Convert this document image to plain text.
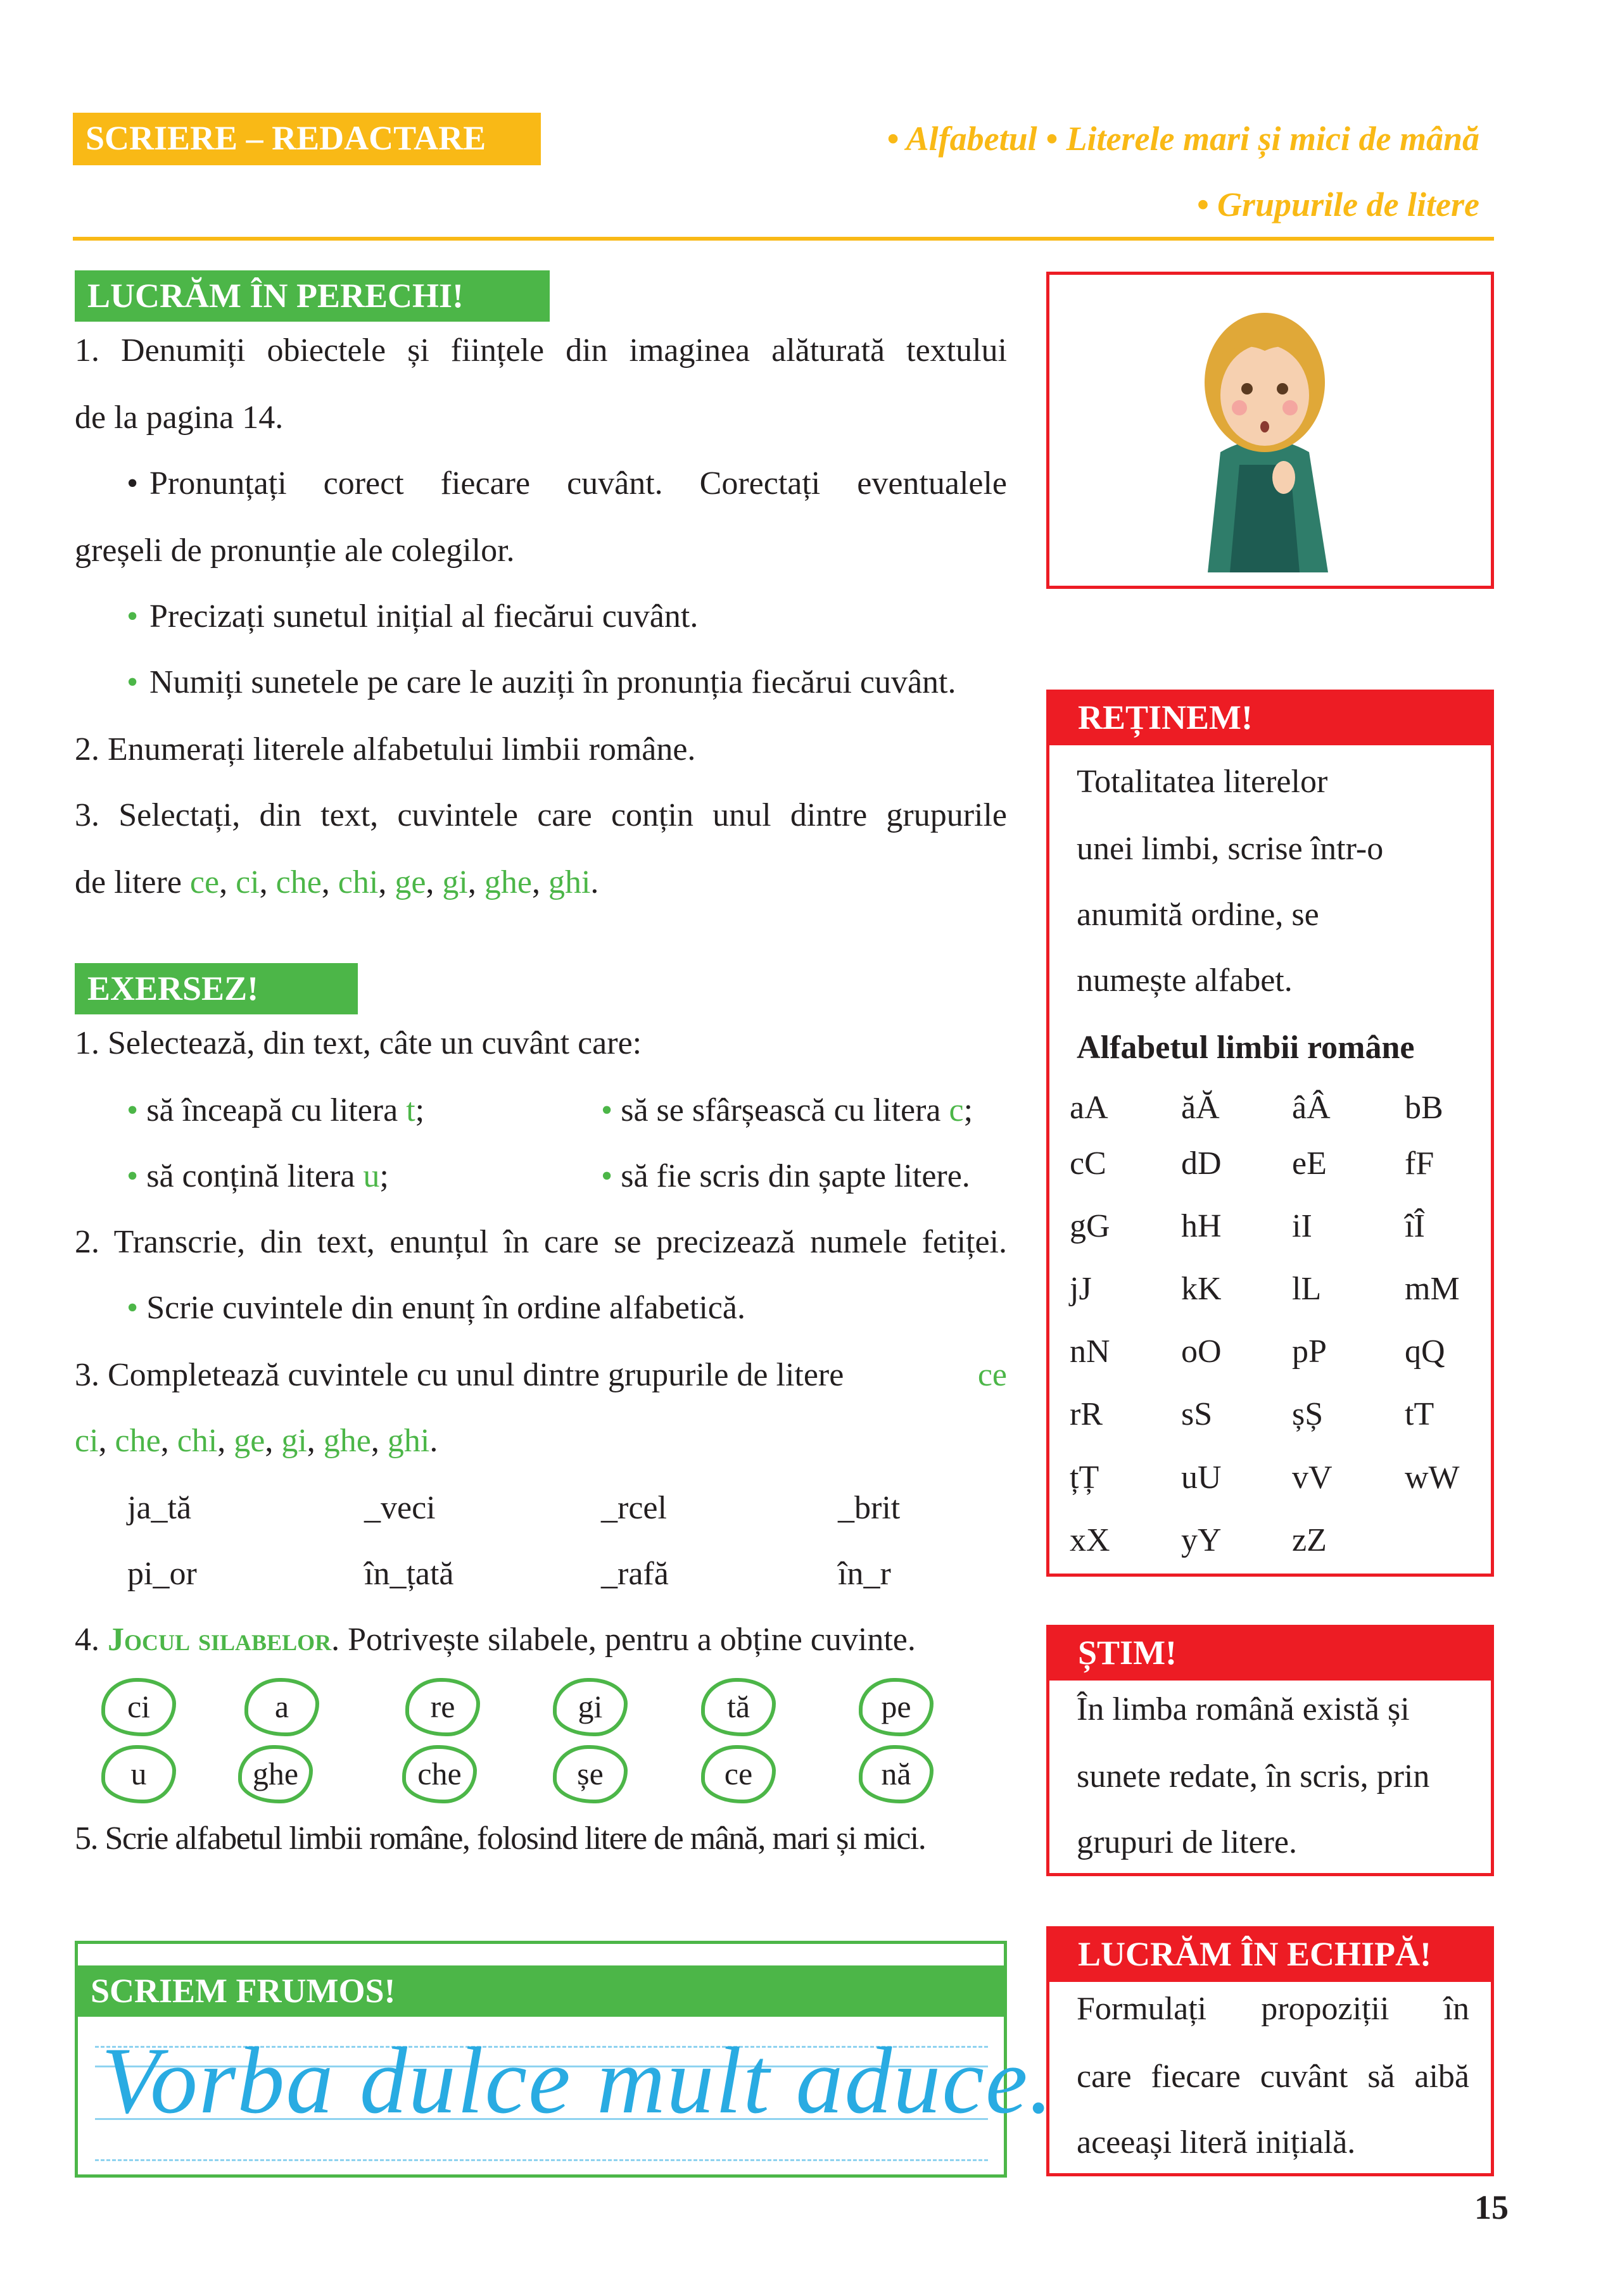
SCRIERE – REDACTARE	• Alfabetul • Literele mari și mici de mână
• Grupurile de litere
LUCRĂM ÎN PERECHI!
1. Denumiți obiectele și ființele din imaginea alăturată textului
de la pagina 14.
• Pronunțați corect fiecare cuvânt. Corectați eventualele
greșeli de pronunție ale colegilor.
Precizați sunetul inițial al fiecărui cuvânt.
•
Numiți sunetele pe care le auziți în pronunția fiecărui cuvânt.
•
2. Enumerați literele alfabetului limbii române.
3. Selectați, din text, cuvintele care conțin unul dintre grupurile
de litere ce, ci, che, chi, ge, gi, ghe, ghi.
EXERSEZ!
1. Selectează, din text, câte un cuvânt care:
• să înceapă cu litera t;	• să se sfârșească cu litera c;
• să conțină litera u;	• să fie scris din șapte litere.
2. Transcrie, din text, enunțul în care se precizează numele fetiței.
• Scrie cuvintele din enunț în ordine alfabetică.
3. Completează cuvintele cu unul dintre grupurile de litere	ce
ci, che, chi, ge, gi, ghe, ghi.
ja_tă	_veci	_rcel	_brit
pi_or	în_țată	_rafă	în_r
4. Jocul silabelor. Potrivește silabele, pentru a obține cuvinte.
ci	a	re	gi	tă	pe
u	ghe	che	șe	ce	nă
5. Scrie alfabetul limbii române, folosind litere de mână, mari și mici.
SCRIEM FRUMOS!
Vorba dulce mult aduce.
REȚINEM!
Totalitatea literelor
unei limbi, scrise într-o
anumită ordine, se
numește alfabet.
Alfabetul limbii române
aA ăĂ âÂ bB
cC dD eE fF
gG hH iI	îÎ
jJ	kK lL	mM
nN oO pP qQ
rR sS șȘ tT
țȚ uU vV wW
xX yY zZ
ȘTIM!
În limba română există și
sunete redate, în scris, prin
grupuri de litere.
LUCRĂM ÎN ECHIPĂ!
Formulați propoziții în
care fiecare cuvânt să aibă
aceeași literă inițială.
15
